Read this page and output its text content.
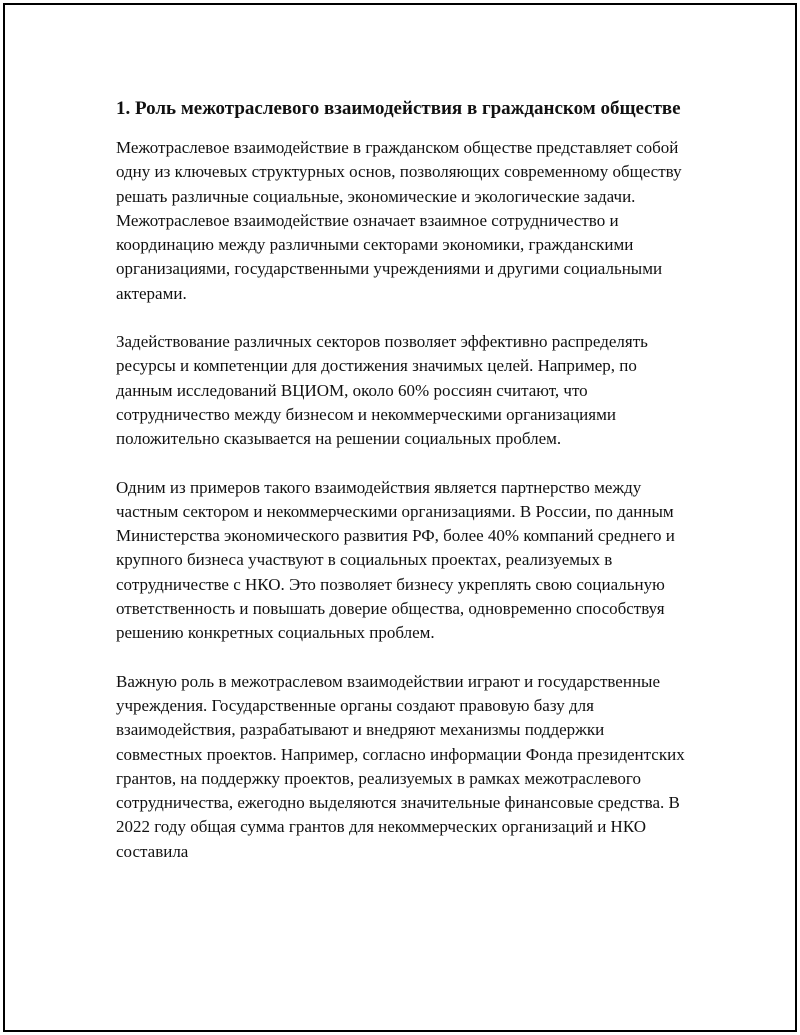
1. Роль межотраслевого взаимодействия в гражданском обществе

Межотраслевое взаимодействие в гражданском обществе представляет собой одну из ключевых структурных основ, позволяющих современному обществу решать различные социальные, экономические и экологические задачи. Межотраслевое взаимодействие означает взаимное сотрудничество и координацию между различными секторами экономики, гражданскими организациями, государственными учреждениями и другими социальными актерами.

Задействование различных секторов позволяет эффективно распределять ресурсы и компетенции для достижения значимых целей. Например, по данным исследований ВЦИОМ, около 60% россиян считают, что сотрудничество между бизнесом и некоммерческими организациями положительно сказывается на решении социальных проблем.

Одним из примеров такого взаимодействия является партнерство между частным сектором и некоммерческими организациями. В России, по данным Министерства экономического развития РФ, более 40% компаний среднего и крупного бизнеса участвуют в социальных проектах, реализуемых в сотрудничестве с НКО. Это позволяет бизнесу укреплять свою социальную ответственность и повышать доверие общества, одновременно способствуя решению конкретных социальных проблем.

Важную роль в межотраслевом взаимодействии играют и государственные учреждения. Государственные органы создают правовую базу для взаимодействия, разрабатывают и внедряют механизмы поддержки совместных проектов. Например, согласно информации Фонда президентских грантов, на поддержку проектов, реализуемых в рамках межотраслевого сотрудничества, ежегодно выделяются значительные финансовые средства. В 2022 году общая сумма грантов для некоммерческих организаций и НКО составила
